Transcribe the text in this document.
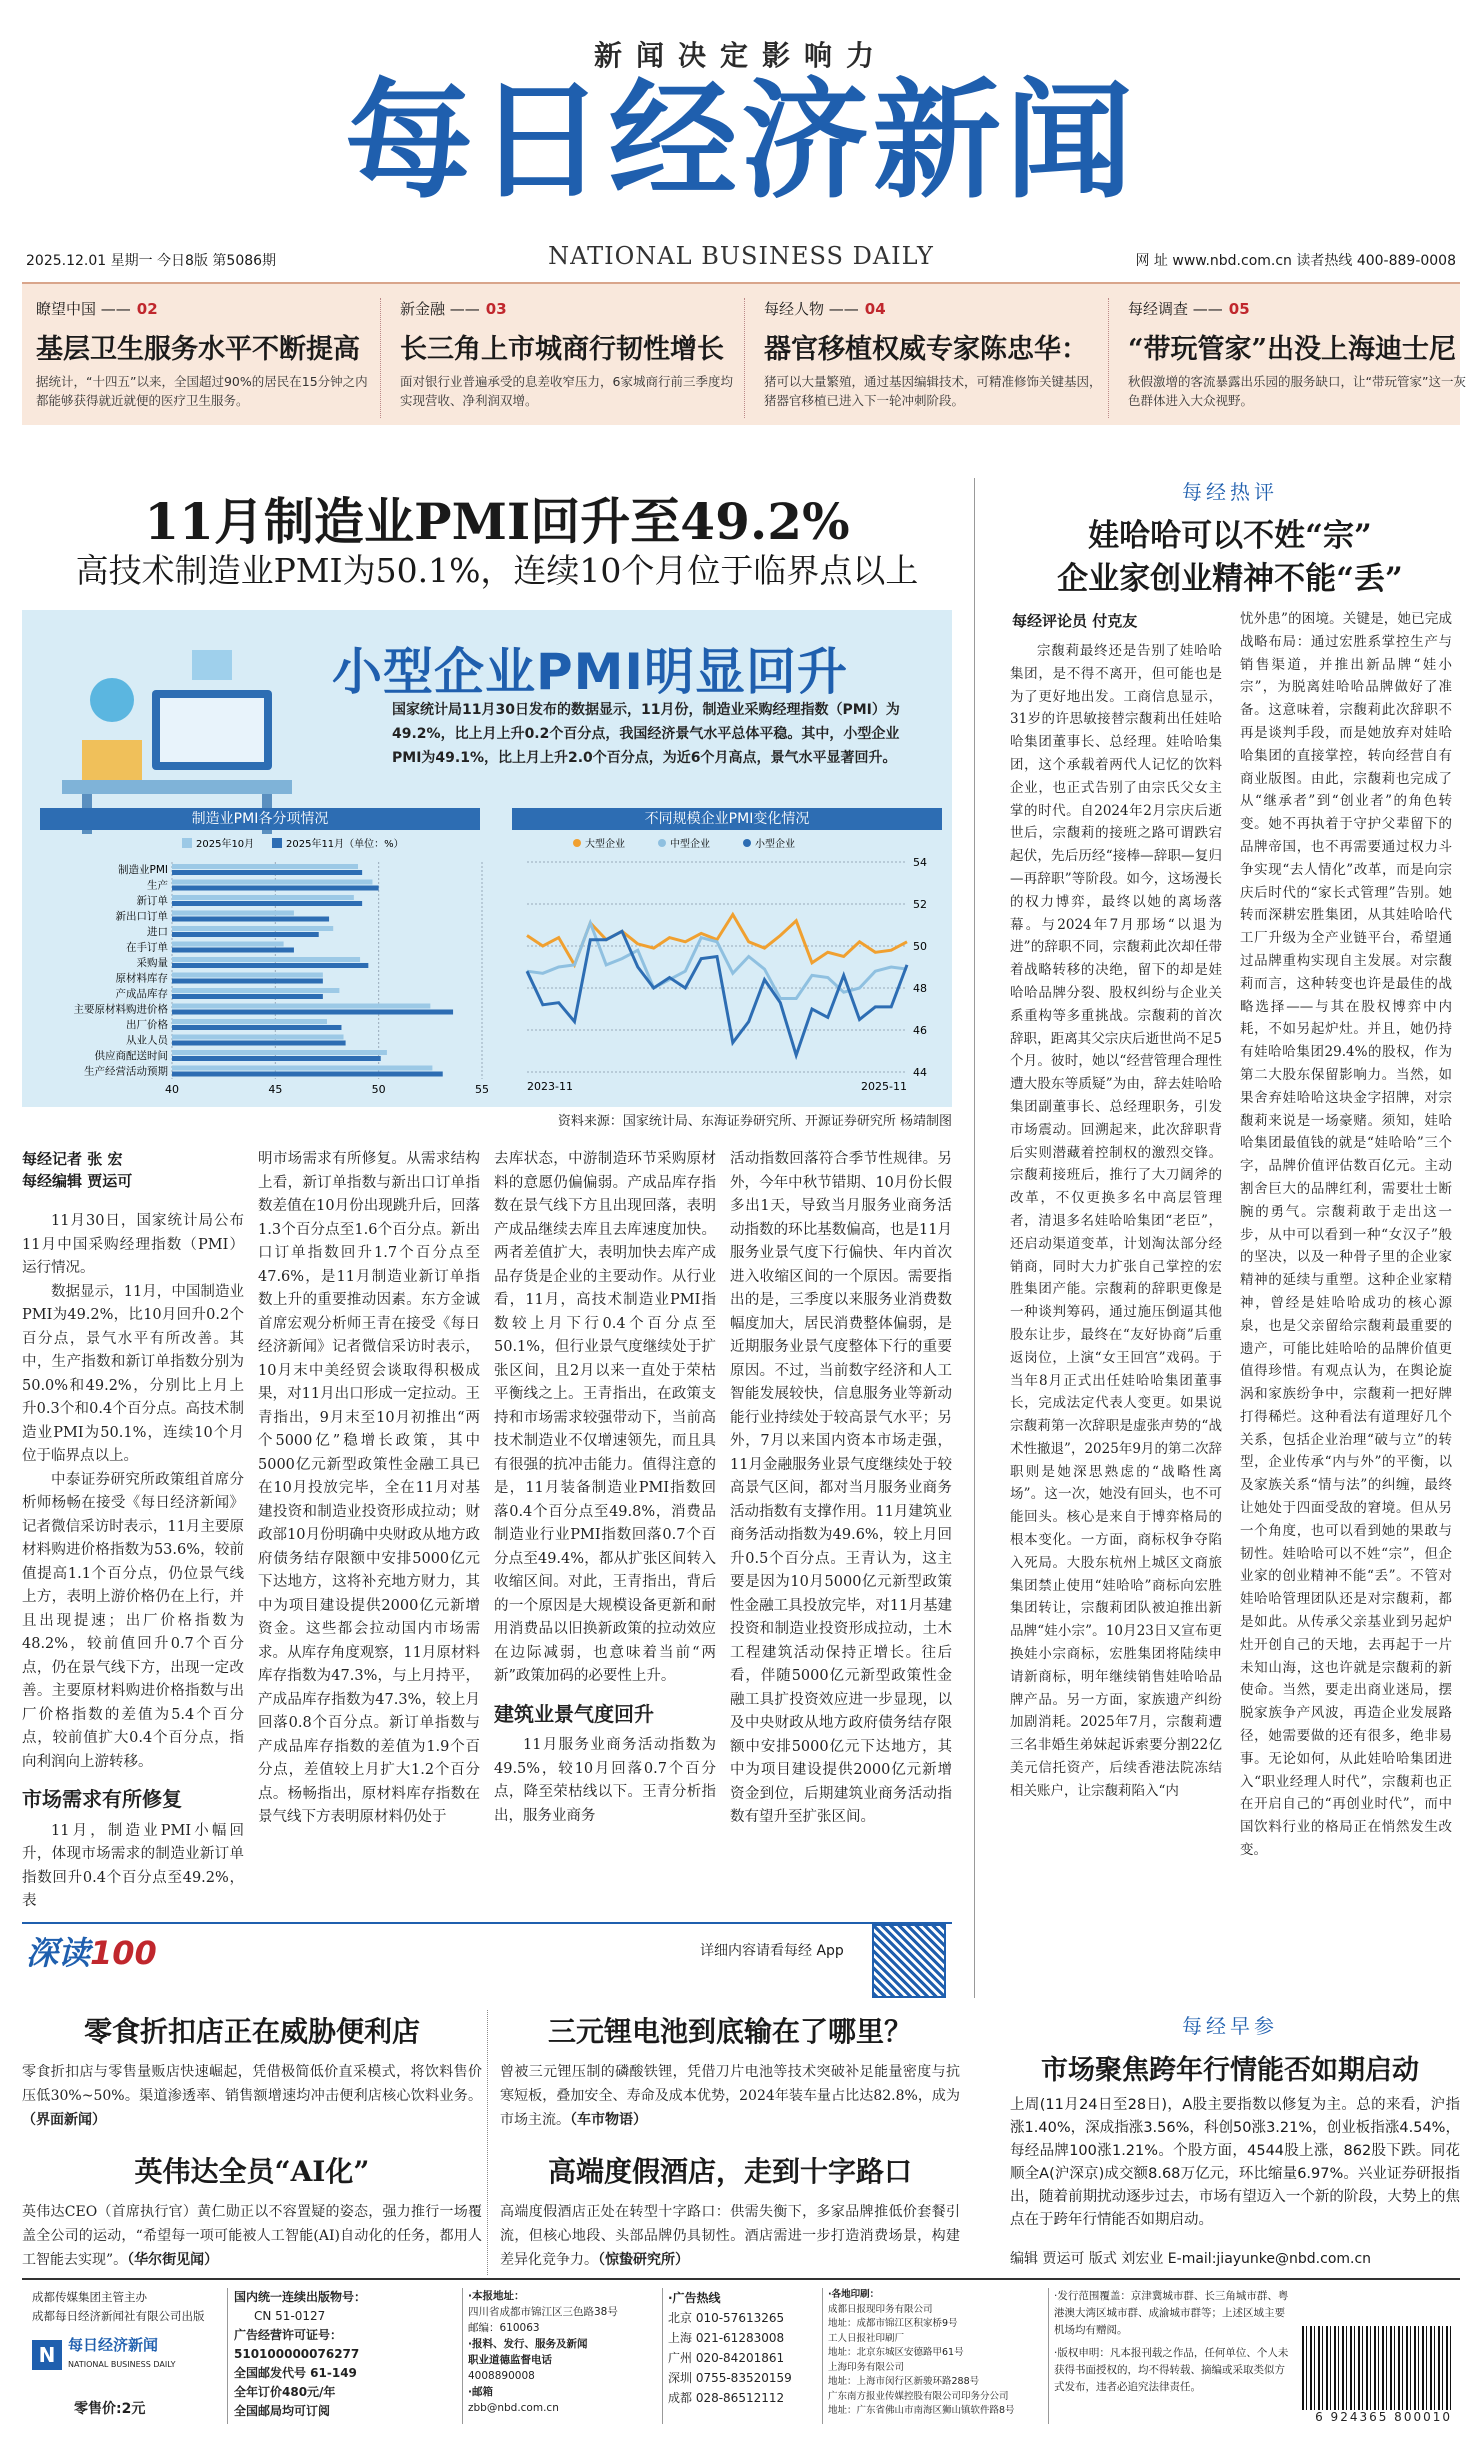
新闻决定影响力
每日经济新闻
2025.12.01 星期一 今日8版 第5086期	NATIONAL BUSINESS DAILY	网 址 www.nbd.com.cn 读者热线 400-889-0008
瞭望中国 —— 02
基层卫生服务水平不断提高
据统计，“十四五”以来，全国超过90%的居民在15分钟之内都能够获得就近就便的医疗卫生服务。
新金融 —— 03
长三角上市城商行韧性增长
面对银行业普遍承受的息差收窄压力，6家城商行前三季度均实现营收、净利润双增。
每经人物 —— 04
器官移植权威专家陈忠华：
猪可以大量繁殖，通过基因编辑技术，可精准修饰关键基因，猪器官移植已进入下一轮冲刺阶段。
每经调查 —— 05
“带玩管家”出没上海迪士尼
秋假激增的客流暴露出乐园的服务缺口，让“带玩管家”这一灰色群体进入大众视野。
11月制造业PMI回升至49.2%
高技术制造业PMI为50.1%，连续10个月位于临界点以上
小型企业PMI明显回升
国家统计局11月30日发布的数据显示，11月份，制造业采购经理指数（PMI）为49.2%，比上月上升0.2个百分点，我国经济景气水平总体平稳。其中，小型企业PMI为49.1%，比上月上升2.0个百分点，为近6个月高点，景气水平显著回升。
制造业PMI各分项情况
2025年10月	2025年11月（单位：%）
40	45	50	55
制造业PMI
生产
新订单
新出口订单
进口
在手订单
采购量
原材料库存
产成品库存
主要原材料购进价格
出厂价格
从业人员
供应商配送时间
生产经营活动预期
不同规模企业PMI变化情况
大型企业	中型企业	小型企业
44
46
48
50
52
54
2023-11	2025-11
资料来源：国家统计局、东海证券研究所、开源证券研究所 杨靖制图
每经记者 张 宏
每经编辑 贾运可

11月30日，国家统计局公布11月中国采购经理指数（PMI）运行情况。

数据显示，11月，中国制造业PMI为49.2%，比10月回升0.2个百分点，景气水平有所改善。其中，生产指数和新订单指数分别为50.0%和49.2%，分别比上月上升0.3个和0.4个百分点。高技术制造业PMI为50.1%，连续10个月位于临界点以上。

中泰证券研究所政策组首席分析师杨畅在接受《每日经济新闻》记者微信采访时表示，11月主要原材料购进价格指数为53.6%，较前值提高1.1个百分点，仍位景气线上方，表明上游价格仍在上行，并且出现提速；出厂价格指数为48.2%，较前值回升0.7个百分点，仍在景气线下方，出现一定改善。主要原材料购进价格指数与出厂价格指数的差值为5.4个百分点，较前值扩大0.4个百分点，指向利润向上游转移。

市场需求有所修复

11月，制造业PMI小幅回升，体现市场需求的制造业新订单指数回升0.4个百分点至49.2%，表

明市场需求有所修复。从需求结构上看，新订单指数与新出口订单指数差值在10月份出现跳升后，回落1.3个百分点至1.6个百分点。新出口订单指数回升1.7个百分点至47.6%，是11月制造业新订单指数上升的重要推动因素。东方金诚首席宏观分析师王青在接受《每日经济新闻》记者微信采访时表示，10月末中美经贸会谈取得积极成果，对11月出口形成一定拉动。王青指出，9月末至10月初推出“两个5000亿”稳增长政策，其中5000亿元新型政策性金融工具已在10月投放完毕，全在11月对基建投资和制造业投资形成拉动；财政部10月份明确中央财政从地方政府债务结存限额中安排5000亿元下达地方，这将补充地方财力，其中为项目建设提供2000亿元新增资金。这些都会拉动国内市场需求。从库存角度观察，11月原材料库存指数为47.3%，与上月持平，产成品库存指数为47.3%，较上月回落0.8个百分点。新订单指数与产成品库存指数的差值为1.9个百分点，差值较上月扩大1.2个百分点。杨畅指出，原材料库存指数在景气线下方表明原材料仍处于

去库状态，中游制造环节采购原材料的意愿仍偏偏弱。产成品库存指数在景气线下方且出现回落，表明产成品继续去库且去库速度加快。两者差值扩大，表明加快去库产成品存货是企业的主要动作。从行业看，11月，高技术制造业PMI指数较上月下行0.4个百分点至50.1%，但行业景气度继续处于扩张区间，且2月以来一直处于荣枯平衡线之上。王青指出，在政策支持和市场需求较强带动下，当前高技术制造业不仅增速领先，而且具有很强的抗冲击能力。值得注意的是，11月装备制造业PMI指数回落0.4个百分点至49.8%，消费品制造业行业PMI指数回落0.7个百分点至49.4%，都从扩张区间转入收缩区间。对此，王青指出，背后的一个原因是大规模设备更新和耐用消费品以旧换新政策的拉动效应在边际减弱，也意味着当前“两新”政策加码的必要性上升。

建筑业景气度回升

11月服务业商务活动指数为49.5%，较10月回落0.7个百分点，降至荣枯线以下。王青分析指出，服务业商务

活动指数回落符合季节性规律。另外，今年中秋节错期、10月份长假多出1天，导致当月服务业商务活动指数的环比基数偏高，也是11月服务业景气度下行偏快、年内首次进入收缩区间的一个原因。需要指出的是，三季度以来服务业消费数幅度加大，居民消费整体偏弱，是近期服务业景气度整体下行的重要原因。不过，当前数字经济和人工智能发展较快，信息服务业等新动能行业持续处于较高景气水平；另外，7月以来国内资本市场走强，11月金融服务业景气度继续处于较高景气区间，都对当月服务业商务活动指数有支撑作用。11月建筑业商务活动指数为49.6%，较上月回升0.5个百分点。王青认为，这主要是因为10月5000亿元新型政策性金融工具投放完毕，对11月基建投资和制造业投资形成拉动，土木工程建筑活动保持正增长。往后看，伴随5000亿元新型政策性金融工具扩投资效应进一步显现，以及中央财政从地方政府债务结存限额中安排5000亿元下达地方，其中为项目建设提供2000亿元新增资金到位，后期建筑业商务活动指数有望升至扩张区间。

每经热评
娃哈哈可以不姓“宗”
企业家创业精神不能“丢”
每经评论员 付克友

宗馥莉最终还是告别了娃哈哈集团，是不得不离开，但可能也是为了更好地出发。工商信息显示，31岁的许思敏接替宗馥莉出任娃哈哈集团董事长、总经理。娃哈哈集团，这个承载着两代人记忆的饮料企业，也正式告别了由宗氏父女主掌的时代。自2024年2月宗庆后逝世后，宗馥莉的接班之路可谓跌宕起伏，先后历经“接棒—辞职—复归—再辞职”等阶段。如今，这场漫长的权力博弈，最终以她的离场落幕。与2024年7月那场“以退为进”的辞职不同，宗馥莉此次却任带着战略转移的决绝，留下的却是娃哈哈品牌分裂、股权纠纷与企业关系重构等多重挑战。宗馥莉的首次辞职，距离其父宗庆后逝世尚不足5个月。彼时，她以“经营管理合理性遭大股东等质疑”为由，辞去娃哈哈集团副董事长、总经理职务，引发市场震动。回溯起来，此次辞职背后实则潜藏着控制权的激烈交锋。宗馥莉接班后，推行了大刀阔斧的改革，不仅更换多名中高层管理者，清退多名娃哈哈集团“老臣”，还启动渠道变革，计划淘汰部分经销商，同时大力扩张自己掌控的宏胜集团产能。宗馥莉的辞职更像是一种谈判筹码，通过施压倒逼其他股东让步，最终在“友好协商”后重返岗位，上演“女王回宫”戏码。于当年8月正式出任娃哈哈集团董事长，完成法定代表人变更。如果说宗馥莉第一次辞职是虚张声势的“战术性撤退”，2025年9月的第二次辞职则是她深思熟虑的“战略性离场”。这一次，她没有回头，也不可能回头。核心是来自于博弈格局的根本变化。一方面，商标权争夺陷入死局。大股东杭州上城区文商旅集团禁止使用“娃哈哈”商标向宏胜集团转让，宗馥莉团队被迫推出新品牌“娃小宗”。10月23日又宣布更换娃小宗商标，宏胜集团将陆续申请新商标，明年继续销售娃哈哈品牌产品。另一方面，家族遗产纠纷加剧消耗。2025年7月，宗馥莉遭三名非婚生弟妹起诉索要分割22亿美元信托资产，后续香港法院冻结相关账户，让宗馥莉陷入“内

忧外患”的困境。关键是，她已完成战略布局：通过宏胜系掌控生产与销售渠道，并推出新品牌“娃小宗”，为脱离娃哈哈品牌做好了准备。这意味着，宗馥莉此次辞职不再是谈判手段，而是她放弃对娃哈哈集团的直接掌控，转向经营自有商业版图。由此，宗馥莉也完成了从“继承者”到“创业者”的角色转变。她不再执着于守护父辈留下的品牌帝国，也不再需要通过权力斗争实现“去人情化”改革，而是向宗庆后时代的“家长式管理”告别。她转而深耕宏胜集团，从其娃哈哈代工厂升级为全产业链平台，希望通过品牌重构实现自主发展。对宗馥莉而言，这种转变也许是最佳的战略选择——与其在股权博弈中内耗，不如另起炉灶。并且，她仍持有娃哈哈集团29.4%的股权，作为第二大股东保留影响力。当然，如果舍弃娃哈哈这块金字招牌，对宗馥莉来说是一场豪赌。须知，娃哈哈集团最值钱的就是“娃哈哈”三个字，品牌价值评估数百亿元。主动割舍巨大的品牌红利，需要壮士断腕的勇气。宗馥莉敢于走出这一步，从中可以看到一种“女汉子”般的坚决，以及一种骨子里的企业家精神的延续与重塑。这种企业家精神，曾经是娃哈哈成功的核心源泉，也是父亲留给宗馥莉最重要的遗产，可能比娃哈哈的品牌价值更值得珍惜。有观点认为，在舆论旋涡和家族纷争中，宗馥莉一把好牌打得稀烂。这种看法有道理好几个关系，包括企业治理“破与立”的转型，企业传承“内与外”的平衡，以及家族关系“情与法”的纠缠，最终让她处于四面受敌的窘境。但从另一个角度，也可以看到她的果敢与韧性。娃哈哈可以不姓“宗”，但企业家的创业精神不能“丢”。不管对娃哈哈管理团队还是对宗馥莉，都是如此。从传承父亲基业到另起炉灶开创自己的天地，去再起于一片未知山海，这也许就是宗馥莉的新使命。当然，要走出商业迷局，摆脱家族争产风波，再造企业发展路径，她需要做的还有很多，绝非易事。无论如何，从此娃哈哈集团进入“职业经理人时代”，宗馥莉也正在开启自己的“再创业时代”，而中国饮料行业的格局正在悄然发生改变。

深读100	详细内容请看每经 App
零食折扣店正在威胁便利店
零食折扣店与零售量贩店快速崛起，凭借极简低价直采模式，将饮料售价压低30%~50%。渠道渗透率、销售额增速均冲击便利店核心饮料业务。（界面新闻）
三元锂电池到底输在了哪里？
曾被三元锂压制的磷酸铁锂，凭借刀片电池等技术突破补足能量密度与抗寒短板，叠加安全、寿命及成本优势，2024年装车量占比达82.8%，成为市场主流。（车市物语）
英伟达全员“AI化”
英伟达CEO（首席执行官）黄仁勋正以不容置疑的姿态，强力推行一场覆盖全公司的运动，“希望每一项可能被人工智能(AI)自动化的任务，都用人工智能去实现”。（华尔街见闻）
高端度假酒店，走到十字路口
高端度假酒店正处在转型十字路口：供需失衡下，多家品牌推低价套餐引流，但核心地段、头部品牌仍具韧性。酒店需进一步打造消费场景，构建差异化竞争力。（惊蛰研究所）
每经早参
市场聚焦跨年行情能否如期启动
上周(11月24日至28日)，A股主要指数以修复为主。总的来看，沪指涨1.40%，深成指涨3.56%，科创50涨3.21%，创业板指涨4.54%，每经品牌100涨1.21%。个股方面，4544股上涨，862股下跌。同花顺全A(沪深京)成交额8.68万亿元，环比缩量6.97%。兴业证券研报指出，随着前期扰动逐步过去，市场有望迈入一个新的阶段，大势上的焦点在于跨年行情能否如期启动。
编辑 贾运可 版式 刘宏业 E-mail:jiayunke@nbd.com.cn
成都传媒集团主管主办
成都每日经济新闻社有限公司出版
N 每日经济新闻
NATIONAL BUSINESS DAILY
零售价:2元
国内统一连续出版物号：
CN 51-0127
广告经营许可证号：510100000076277
全国邮发代号 61-149
全年订价480元/年
全国邮局均可订阅
·本报地址：
四川省成都市锦江区三色路38号
邮编：610063
·报料、发行、服务及新闻
职业道德监督电话
4008890008
·邮箱
zbb@nbd.com.cn
·广告热线
北京 010-57613265
上海 021-61283008
广州 020-84201861
深圳 0755-83520159
成都 028-86512112
·各地印刷：
成都日报现印务有限公司
地址：成都市锦江区积家桥9号
工人日报社印刷厂
地址：北京东城区安德路甲61号
上海印务有限公司
地址：上海市闵行区新骏环路288号
广东南方报业传媒控股有限公司印务分公司
地址：广东省佛山市南海区狮山镇软件路8号
·发行范围覆盖：京津冀城市群、长三角城市群、粤港澳大湾区城市群、成渝城市群等；上述区域主要机场均有赠阅。
·版权申明：凡本报刊载之作品，任何单位、个人未获得书面授权的，均不得转载、摘编或采取类似方式发布，违者必追究法律责任。
6 924365 800010
